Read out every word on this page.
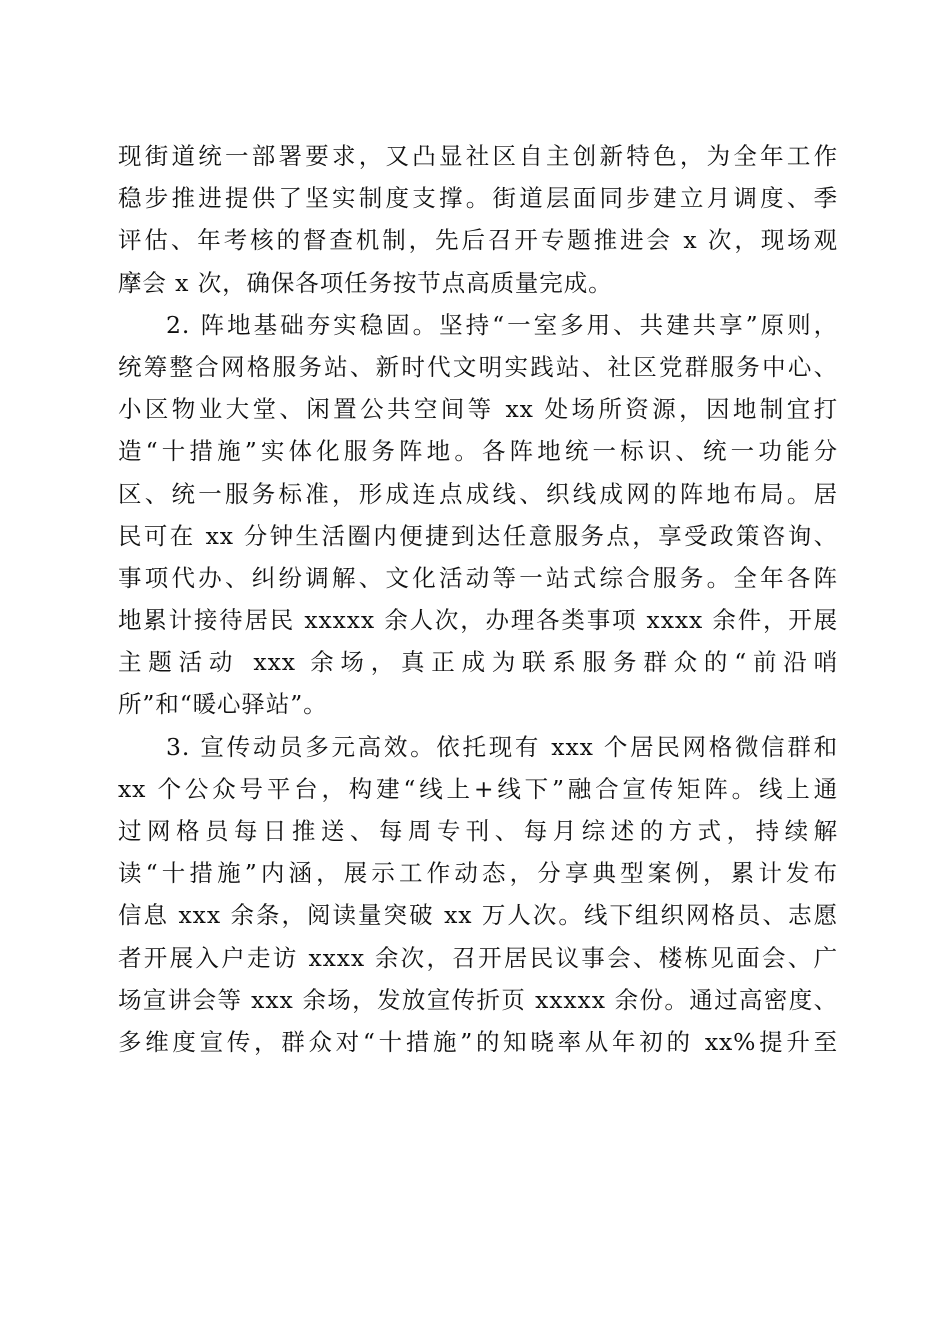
现街道统一部署要求，又凸显社区自主创新特色，为全年工作
稳步推进提供了坚实制度支撑。街道层面同步建立月调度、季
评估、年考核的督查机制，先后召开专题推进会 x 次，现场观
摩会 x 次，确保各项任务按节点高质量完成。
2. 阵地基础夯实稳固。坚持“一室多用、共建共享”原则，
统筹整合网格服务站、新时代文明实践站、社区党群服务中心、
小区物业大堂、闲置公共空间等 xx 处场所资源，因地制宜打
造“十措施”实体化服务阵地。各阵地统一标识、统一功能分
区、统一服务标准，形成连点成线、织线成网的阵地布局。居
民可在 xx 分钟生活圈内便捷到达任意服务点，享受政策咨询、
事项代办、纠纷调解、文化活动等一站式综合服务。全年各阵
地累计接待居民 xxxxx 余人次，办理各类事项 xxxx 余件，开展
主题活动 xxx 余场，真正成为联系服务群众的“前沿哨
所”和“暖心驿站”。
3. 宣传动员多元高效。依托现有 xxx 个居民网格微信群和
xx 个公众号平台，构建“线上+线下”融合宣传矩阵。线上通
过网格员每日推送、每周专刊、每月综述的方式，持续解
读“十措施”内涵，展示工作动态，分享典型案例，累计发布
信息 xxx 余条，阅读量突破 xx 万人次。线下组织网格员、志愿
者开展入户走访 xxxx 余次，召开居民议事会、楼栋见面会、广
场宣讲会等 xxx 余场，发放宣传折页 xxxxx 余份。通过高密度、
多维度宣传，群众对“十措施”的知晓率从年初的 xx%提升至
